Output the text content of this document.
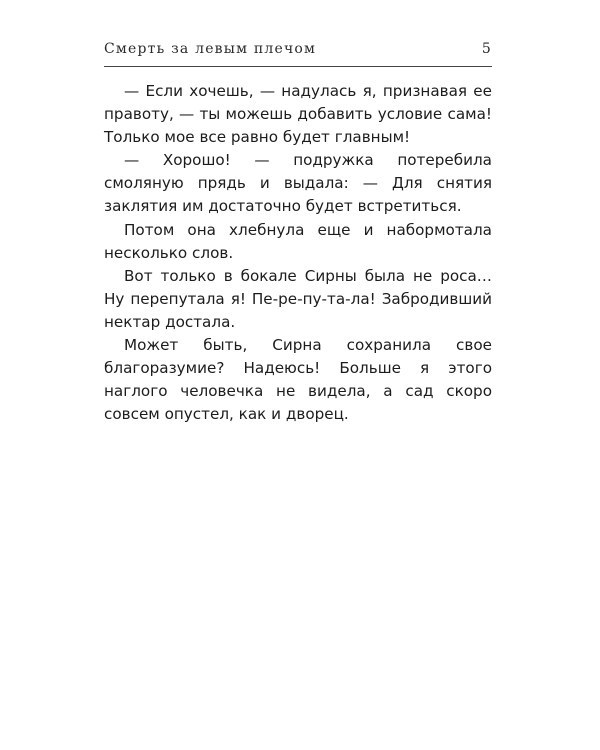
Смерть за левым плечом	5

— Если хочешь, — надулась я, признавая ее правоту, — ты можешь добавить условие сама! Только мое все равно будет главным!

— Хорошо! — подружка потеребила смоляную прядь и выдала: — Для снятия заклятия им достаточно будет встретиться.

Потом она хлебнула еще и набормотала несколько слов.

Вот только в бокале Сирны была не роса… Ну перепутала я! Пе-ре-пу-та-ла! Забродивший нектар достала.

Может быть, Сирна сохранила свое благоразумие? Надеюсь! Больше я этого наглого человечка не видела, а сад скоро совсем опустел, как и дворец.
